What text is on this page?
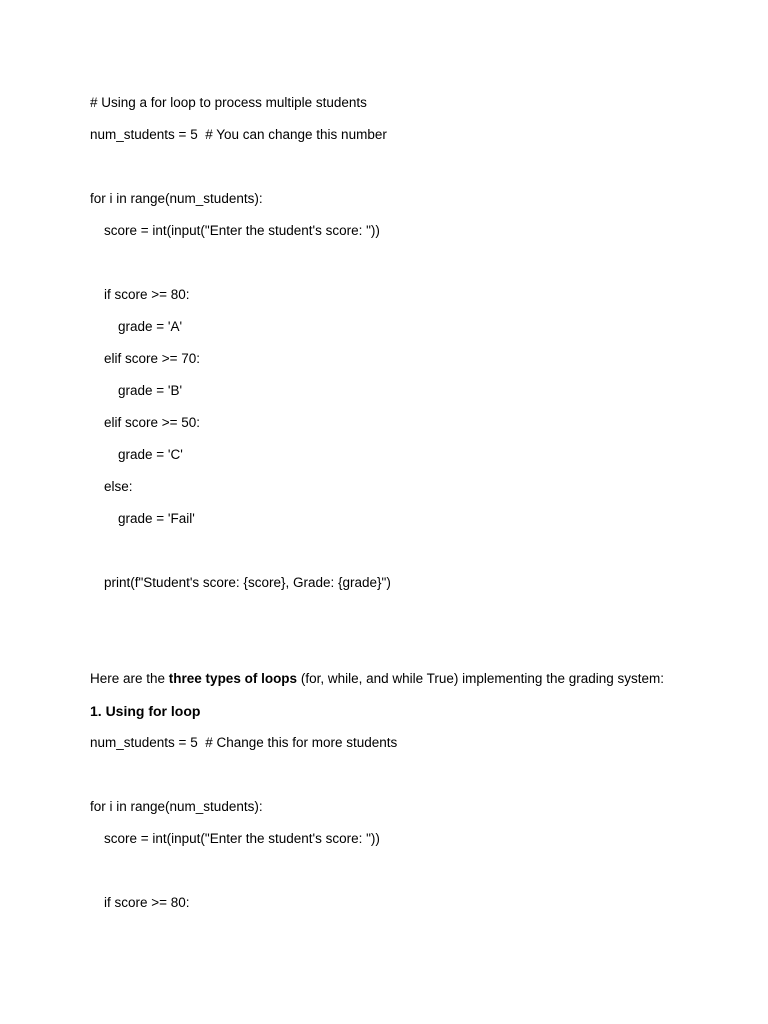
# Using a for loop to process multiple students
num_students = 5  # You can change this number
for i in range(num_students):
score = int(input("Enter the student's score: "))
if score >= 80:
grade = 'A'
elif score >= 70:
grade = 'B'
elif score >= 50:
grade = 'C'
else:
grade = 'Fail'
print(f"Student's score: {score}, Grade: {grade}")
Here are the three types of loops (for, while, and while True) implementing the grading system:
1. Using for loop
num_students = 5  # Change this for more students
for i in range(num_students):
score = int(input("Enter the student's score: "))
if score >= 80:
